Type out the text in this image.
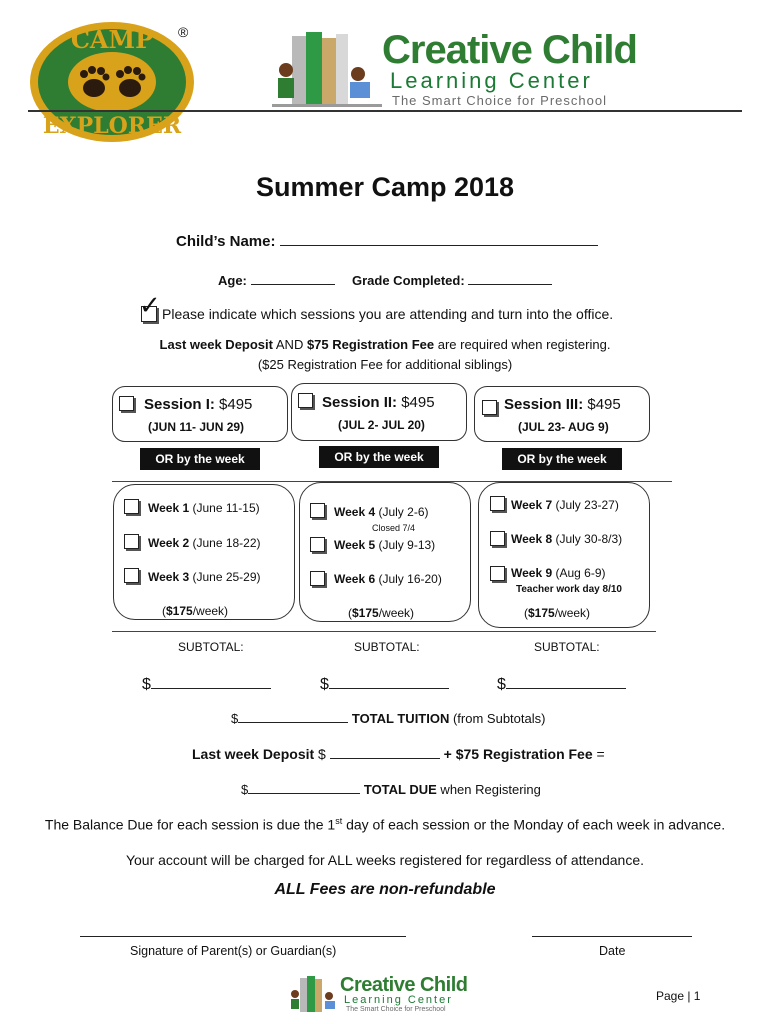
CAMP
EXPLORER
®	Creative Child
Learning Center
The Smart Choice for Preschool
Summer Camp 2018
Child’s Name:
Age:	Grade Completed:
✓ Please indicate which sessions you are attending and turn into the office.
Last week Deposit AND $75 Registration Fee are required when registering.
($25 Registration Fee for additional siblings)
Session I: $495
(JUN 11- JUN 29)
Session II: $495
(JUL 2- JUL 20)
Session III: $495
(JUL 23- AUG 9)
OR by the week	OR by the week	OR by the week
Week 1 (June 11-15)
Week 2 (June 18-22)
Week 3 (June 25-29)
($175/week)
Week 4 (July 2-6)
Closed 7/4
Week 5 (July 9-13)
Week 6 (July 16-20)
($175/week)
Week 7 (July 23-27)
Week 8 (July 30-8/3)
Week 9 (Aug 6-9)
Teacher work day 8/10
($175/week)
SUBTOTAL:	SUBTOTAL:	SUBTOTAL:
$	$	$
$	TOTAL TUITION (from Subtotals)
Last week Deposit $	+ $75 Registration Fee =
$	TOTAL DUE when Registering
The Balance Due for each session is due the 1st day of each session or the Monday of each week in advance.
Your account will be charged for ALL weeks registered for regardless of attendance.
ALL Fees are non-refundable
Signature of Parent(s) or Guardian(s)	Date
Creative Child
Learning Center
The Smart Choice for Preschool
Page | 1
